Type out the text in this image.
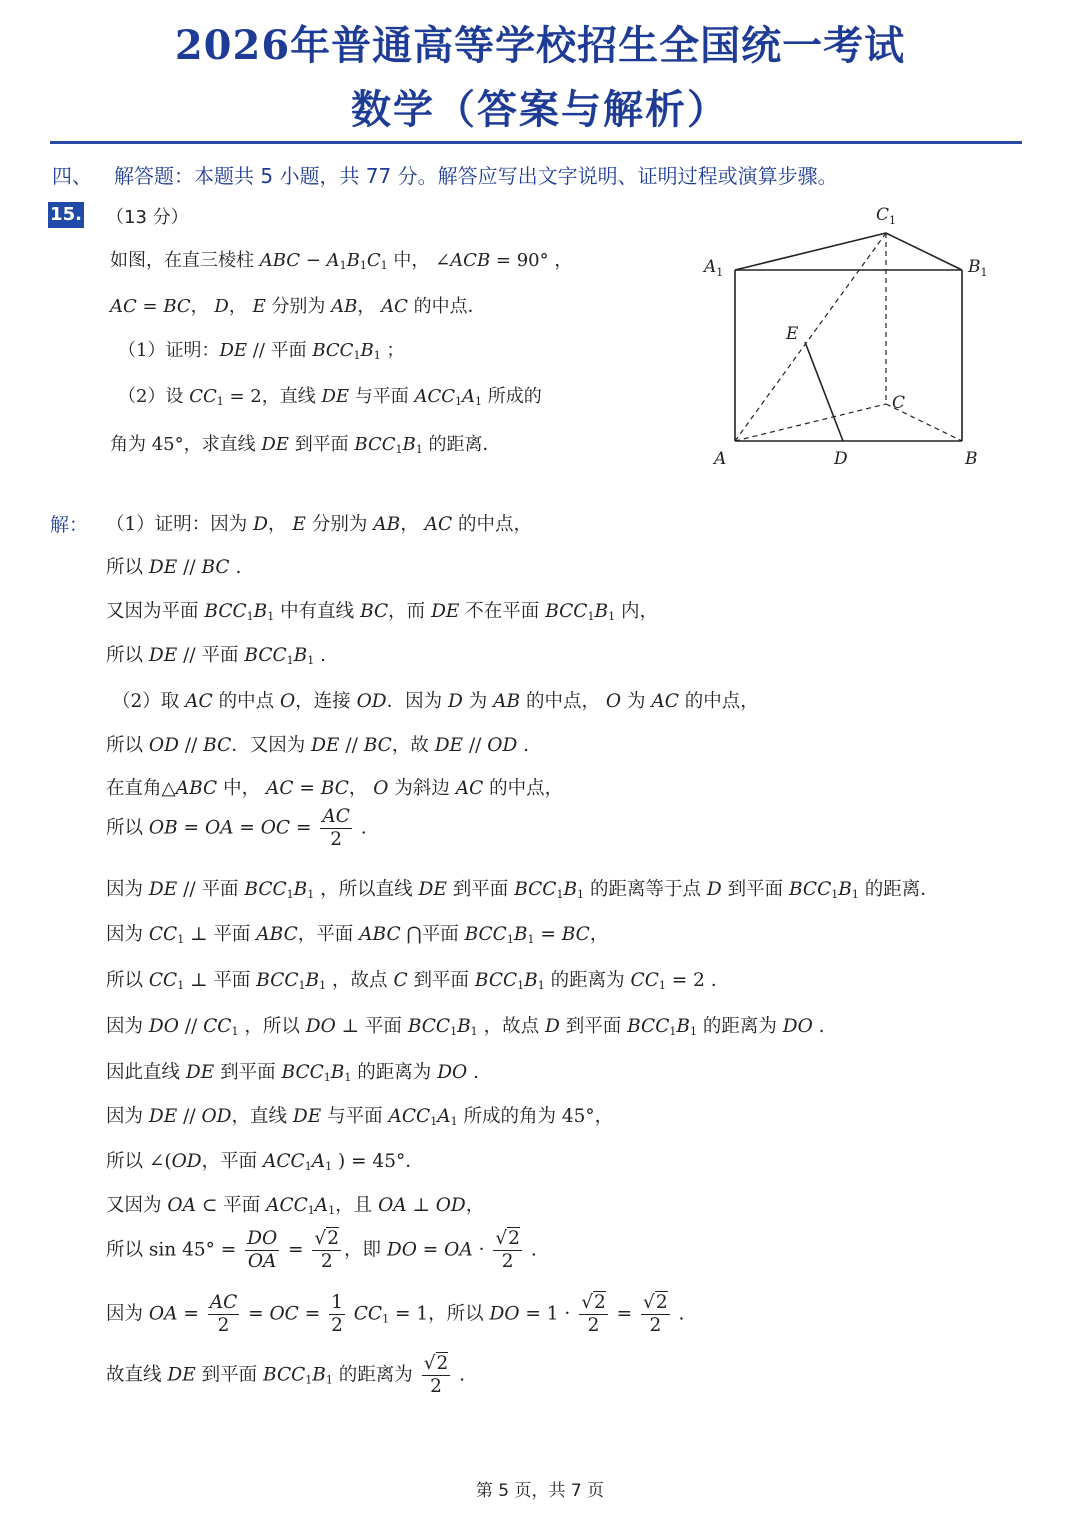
2026年普通高等学校招生全国统一考试
数学（答案与解析）
四、 解答题：本题共 5 小题，共 77 分。解答应写出文字说明、证明过程或演算步骤。
15. （13 分）
如图，在直三棱柱 ABC − $A_1B_1C_1$ 中， ∠ACB = 90° ，
AC = BC， D， E 分别为 AB， AC 的中点．
（1）证明：DE // 平面 $BCC_1B_1$ ；
（2）设 $CC_1 = 2$，直线 DE 与平面 $ACC_1A_1$ 所成的
角为 45°，求直线 DE 到平面 $BCC_1B_1$ 的距离．
$C_1$
$A_1$	$B_1$
E
C
A	D	B
解： （1）证明：因为 D， E 分别为 AB， AC 的中点，
所以 DE // BC .
又因为平面 $BCC_1B_1$ 中有直线 BC，而 DE 不在平面 $BCC_1B_1$ 内，
所以 DE // 平面 $BCC_1B_1$ .
（2）取 AC 的中点 O，连接 OD．因为 D 为 AB 的中点， O 为 AC 的中点，
所以 OD // BC．又因为 DE // BC，故 DE // OD .
在直角△ABC 中， AC = BC， O 为斜边 AC 的中点，
所以 OB = OA = OC = $\frac{AC}{2}$ .
因为 DE // 平面 $BCC_1B_1$ ，所以直线 DE 到平面 $BCC_1B_1$ 的距离等于点 D 到平面 $BCC_1B_1$ 的距离．
因为 $CC_1$ ⊥ 平面 ABC，平面 ABC ⋂平面 $BCC_1B_1$ = BC，
所以 $CC_1$ ⊥ 平面 $BCC_1B_1$ ，故点 C 到平面 $BCC_1B_1$ 的距离为 $CC_1 = 2$ .
因为 DO // $CC_1$ ，所以 DO ⊥ 平面 $BCC_1B_1$ ，故点 D 到平面 $BCC_1B_1$ 的距离为 DO .
因此直线 DE 到平面 $BCC_1B_1$ 的距离为 DO .
因为 DE // OD，直线 DE 与平面 $ACC_1A_1$ 所成的角为 45°，
所以 ∠(OD，平面 $ACC_1A_1$ ) = 45°．
又因为 OA ⊂ 平面 $ACC_1A_1$，且 OA ⊥ OD，
所以 $\sin 45^\circ = \frac{DO}{OA} = \frac{√2}{2}$ ，即 DO = OA · $\frac{√2}{2}$ .
因为 OA = $\frac{AC}{2}$ = OC = $\frac{1}{2} CC_1 = 1$，所以 DO = $1 \cdot \frac{√2}{2} = \frac{√2}{2}$ .
故直线 DE 到平面 $BCC_1B_1$ 的距离为 $\frac{√2}{2}$ .
第 5 页，共 7 页
